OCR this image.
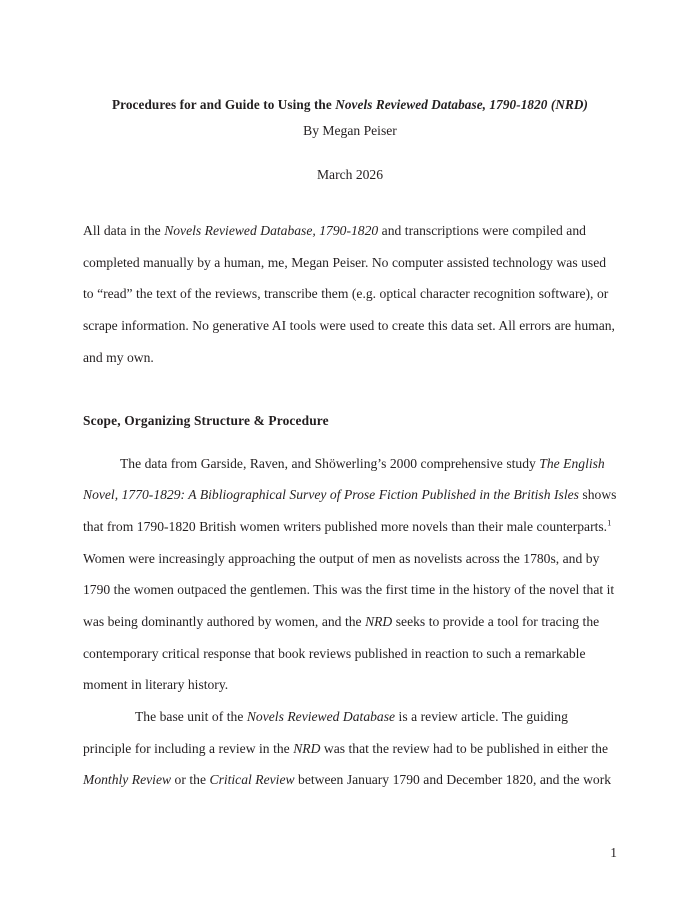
Procedures for and Guide to Using the Novels Reviewed Database, 1790-1820 (NRD)

By Megan Peiser

March 2026

All data in the Novels Reviewed Database, 1790-1820 and transcriptions were compiled and completed manually by a human, me, Megan Peiser. No computer assisted technology was used to “read” the text of the reviews, transcribe them (e.g. optical character recognition software), or scrape information. No generative AI tools were used to create this data set. All errors are human, and my own.

Scope, Organizing Structure & Procedure

The data from Garside, Raven, and Shöwerling’s 2000 comprehensive study The English Novel, 1770-1829: A Bibliographical Survey of Prose Fiction Published in the British Isles shows that from 1790-1820 British women writers published more novels than their male counterparts.$^1$ Women were increasingly approaching the output of men as novelists across the 1780s, and by 1790 the women outpaced the gentlemen. This was the first time in the history of the novel that it was being dominantly authored by women, and the NRD seeks to provide a tool for tracing the contemporary critical response that book reviews published in reaction to such a remarkable moment in literary history.

The base unit of the Novels Reviewed Database is a review article. The guiding principle for including a review in the NRD was that the review had to be published in either the Monthly Review or the Critical Review between January 1790 and December 1820, and the work

1
